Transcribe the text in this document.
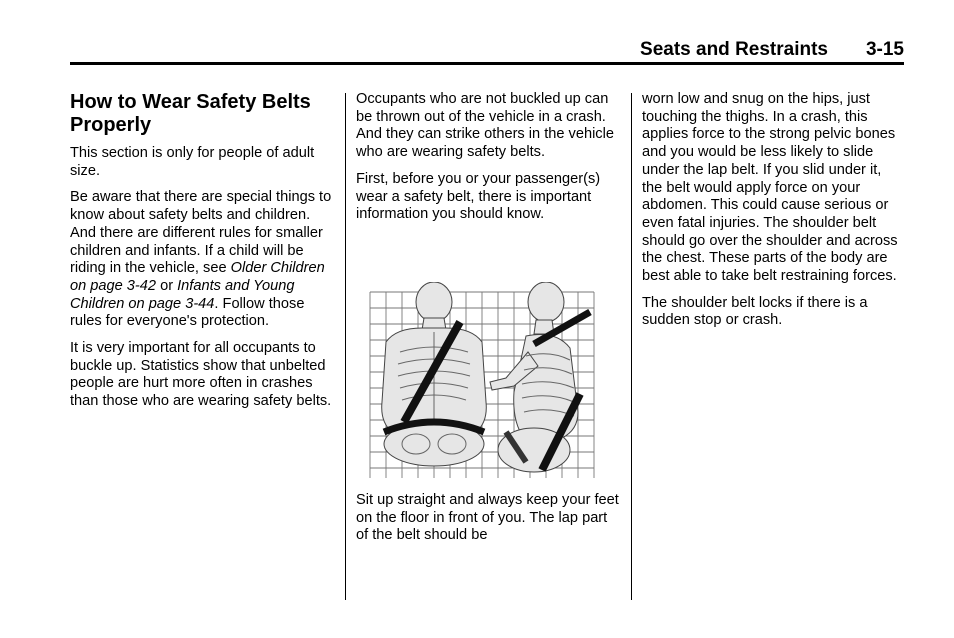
Seats and Restraints 3-15
How to Wear Safety Belts Properly

This section is only for people of adult size.

Be aware that there are special things to know about safety belts and children. And there are different rules for smaller children and infants. If a child will be riding in the vehicle, see Older Children on page 3-42 or Infants and Young Children on page 3-44. Follow those rules for everyone's protection.

It is very important for all occupants to buckle up. Statistics show that unbelted people are hurt more often in crashes than those who are wearing safety belts.

Occupants who are not buckled up can be thrown out of the vehicle in a crash. And they can strike others in the vehicle who are wearing safety belts.

First, before you or your passenger(s) wear a safety belt, there is important information you should know.

Sit up straight and always keep your feet on the floor in front of you. The lap part of the belt should be

worn low and snug on the hips, just touching the thighs. In a crash, this applies force to the strong pelvic bones and you would be less likely to slide under the lap belt. If you slid under it, the belt would apply force on your abdomen. This could cause serious or even fatal injuries. The shoulder belt should go over the shoulder and across the chest. These parts of the body are best able to take belt restraining forces.

The shoulder belt locks if there is a sudden stop or crash.
